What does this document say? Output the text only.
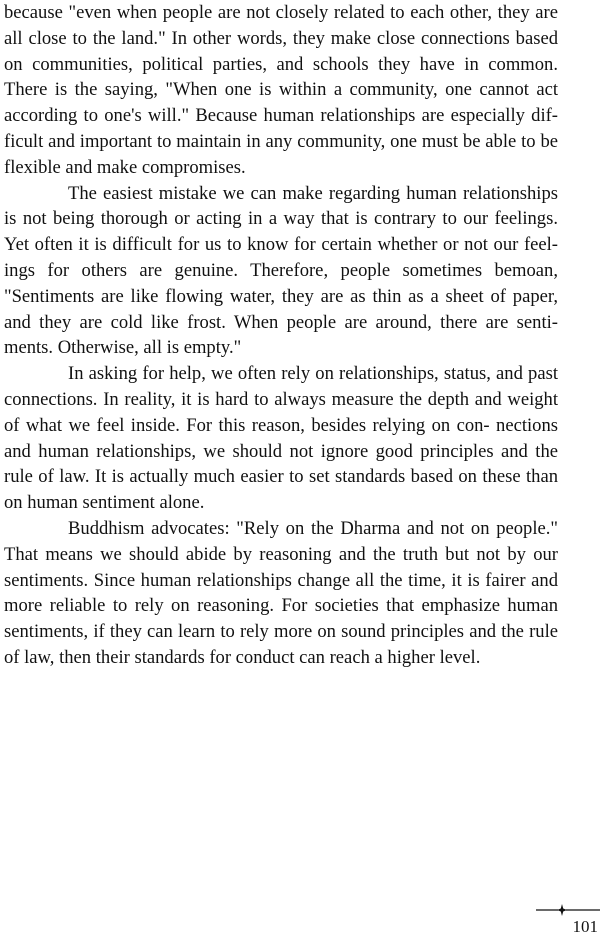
because "even when people are not closely related to each other, they are all close to the land." In other words, they make close connections based on communities, political parties, and schools they have in common. There is the saying, "When one is within a community, one cannot act according to one's will." Because human relationships are especially dif- ficult and important to maintain in any community, one must be able to be flexible and make compromises.

The easiest mistake we can make regarding human relationships is not being thorough or acting in a way that is contrary to our feelings. Yet often it is difficult for us to know for certain whether or not our feel- ings for others are genuine. Therefore, people sometimes bemoan, "Sentiments are like flowing water, they are as thin as a sheet of paper, and they are cold like frost. When people are around, there are senti- ments. Otherwise, all is empty."

In asking for help, we often rely on relationships, status, and past connections. In reality, it is hard to always measure the depth and weight of what we feel inside. For this reason, besides relying on con- nections and human relationships, we should not ignore good principles and the rule of law. It is actually much easier to set standards based on these than on human sentiment alone.

Buddhism advocates: "Rely on the Dharma and not on people." That means we should abide by reasoning and the truth but not by our sentiments. Since human relationships change all the time, it is fairer and more reliable to rely on reasoning. For societies that emphasize human sentiments, if they can learn to rely more on sound principles and the rule of law, then their standards for conduct can reach a higher level.

101
